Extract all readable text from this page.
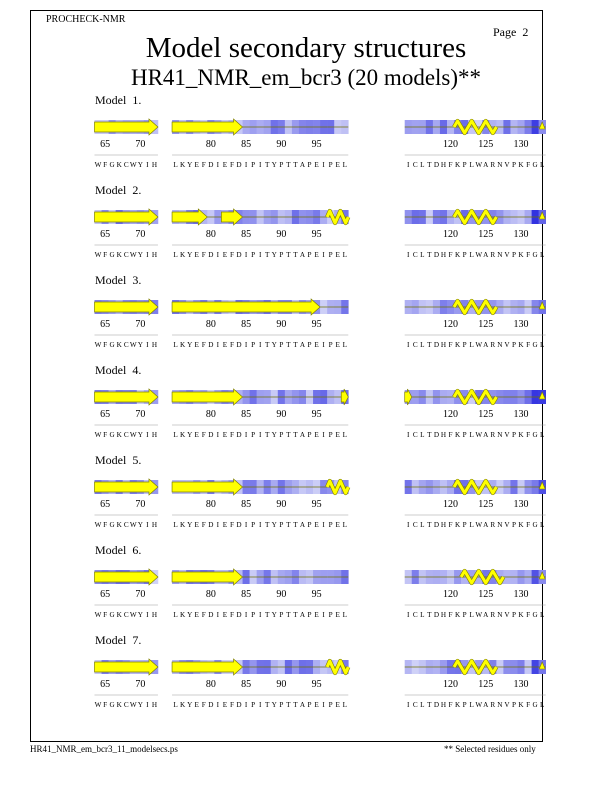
PROCHECK-NMR
Page  2
Model secondary structures
HR41_NMR_em_bcr3 (20 models)**
Model  1.
65	70
W F G K CWY I H
80	85	90	95
L K Y E F D I E F D I P I T Y P T T A P E I P E L
120 125 130
I C L T D H F K P LWA R N V P K F G L
Model  2.
65	70
W F G K CWY I H
80	85	90	95
L K Y E F D I E F D I P I T Y P T T A P E I P E L
120 125 130
I C L T D H F K P LWA R N V P K F G L
Model  3.
65	70
W F G K CWY I H
80	85	90	95
L K Y E F D I E F D I P I T Y P T T A P E I P E L
120 125 130
I C L T D H F K P LWA R N V P K F G L
Model  4.
65	70
W F G K CWY I H
80	85	90	95
L K Y E F D I E F D I P I T Y P T T A P E I P E L
120 125 130
I C L T D H F K P LWA R N V P K F G L
Model  5.
65	70
W F G K CWY I H
80	85	90	95
L K Y E F D I E F D I P I T Y P T T A P E I P E L
120 125 130
I C L T D H F K P LWA R N V P K F G L
Model  6.
65	70
W F G K CWY I H
80	85	90	95
L K Y E F D I E F D I P I T Y P T T A P E I P E L
120 125 130
I C L T D H F K P LWA R N V P K F G L
Model  7.
65	70
W F G K CWY I H
80	85	90	95
L K Y E F D I E F D I P I T Y P T T A P E I P E L
120 125 130
I C L T D H F K P LWA R N V P K F G L
HR41_NMR_em_bcr3_11_modelsecs.ps	** Selected residues only
